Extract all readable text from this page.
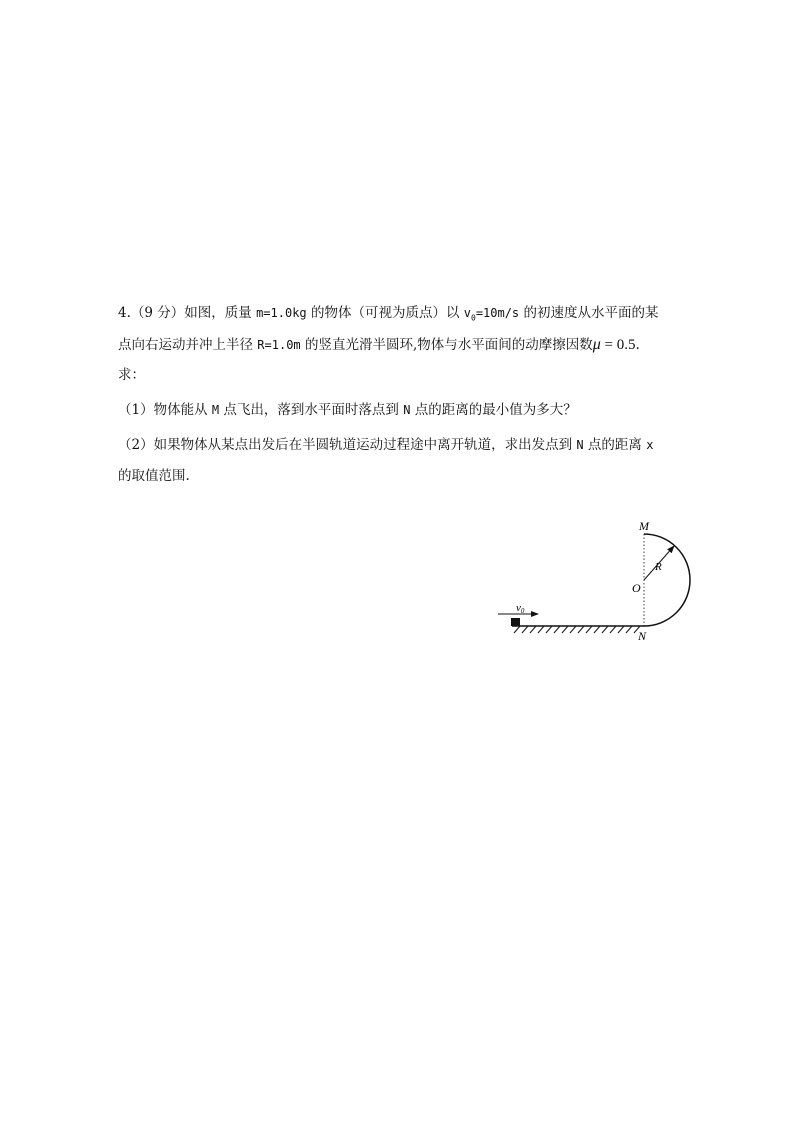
4.（9 分）如图，质量 m=1.0kg 的物体（可视为质点）以 $v_0=10m/s$ 的初速度从水平面的某
点向右运动并冲上半径 R=1.0m 的竖直光滑半圆环,物体与水平面间的动摩擦因数μ = 0.5.
求：
（1）物体能从 M 点飞出，落到水平面时落点到 N 点的距离的最小值为多大？
（2）如果物体从某点出发后在半圆轨道运动过程途中离开轨道，求出发点到 N 点的距离 x
的取值范围.
v0
M
O
R
N
